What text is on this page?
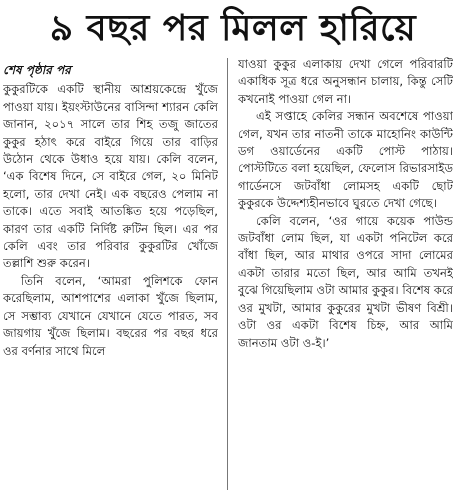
৯ বছর পর মিলল হারিয়ে
শেষ পৃষ্ঠার পর

কুকুরটিকে একটি স্থানীয় আশ্রয়কেন্দ্রে খুঁজে পাওয়া যায়। ইয়ংস্টাউনের বাসিন্দা শ্যারন কেলি জানান, ২০১৭ সালে তার শিহ তজু জাতের কুকুর হঠাৎ করে বাইরে গিয়ে তার বাড়ির উঠোন থেকে উধাও হয়ে যায়। কেলি বলেন, ‘এক বিশেষ দিনে, সে বাইরে গেল, ২০ মিনিট হলো, তার দেখা নেই। এক বছরেও পেলাম না তাকে। এতে সবাই আতঙ্কিত হয়ে পড়েছিল, কারণ তার একটি নির্দিষ্ট রুটিন ছিল। এর পর কেলি এবং তার পরিবার কুকুরটির খোঁজে তল্লাশি শুরু করেন।

তিনি বলেন, ‘আমরা পুলিশকে ফোন করেছিলাম, আশপাশের এলাকা খুঁজে ছিলাম, সে সম্ভাব্য যেখানে যেখানে যেতে পারত, সব জায়গায় খুঁজে ছিলাম। বছরের পর বছর ধরে ওর বর্ণনার সাথে মিলে

যাওয়া কুকুর এলাকায় দেখা গেলে পরিবারটি একাধিক সূত্র ধরে অনুসন্ধান চালায়, কিন্তু সেটি কখনোই পাওয়া গেল না।

এই সপ্তাহে কেলির সন্ধান অবশেষে পাওয়া গেল, যখন তার নাতনী তাকে মাহোনিং কাউন্টি ডগ ওয়ার্ডেনের একটি পোস্ট পাঠায়। পোস্টটিতে বলা হয়েছিল, ফেলোস রিভারসাইড গার্ডেনসে জটবাঁধা লোমসহ একটি ছোট কুকুরকে উদ্দেশ্যহীনভাবে ঘুরতে দেখা গেছে।

কেলি বলেন, ‘ওর গায়ে কয়েক পাউন্ড জটবাঁধা লোম ছিল, যা একটা পনিটেল করে বাঁধা ছিল, আর মাথার ওপরে সাদা লোমের একটা তারার মতো ছিল, আর আমি তখনই বুঝে গিয়েছিলাম ওটা আমার কুকুর। বিশেষ করে ওর মুখটা, আমার কুকুরের মুখটা ভীষণ বিশ্রী। ওটা ওর একটা বিশেষ চিহ্ন, আর আমি জানতাম ওটা ও-ই।’
